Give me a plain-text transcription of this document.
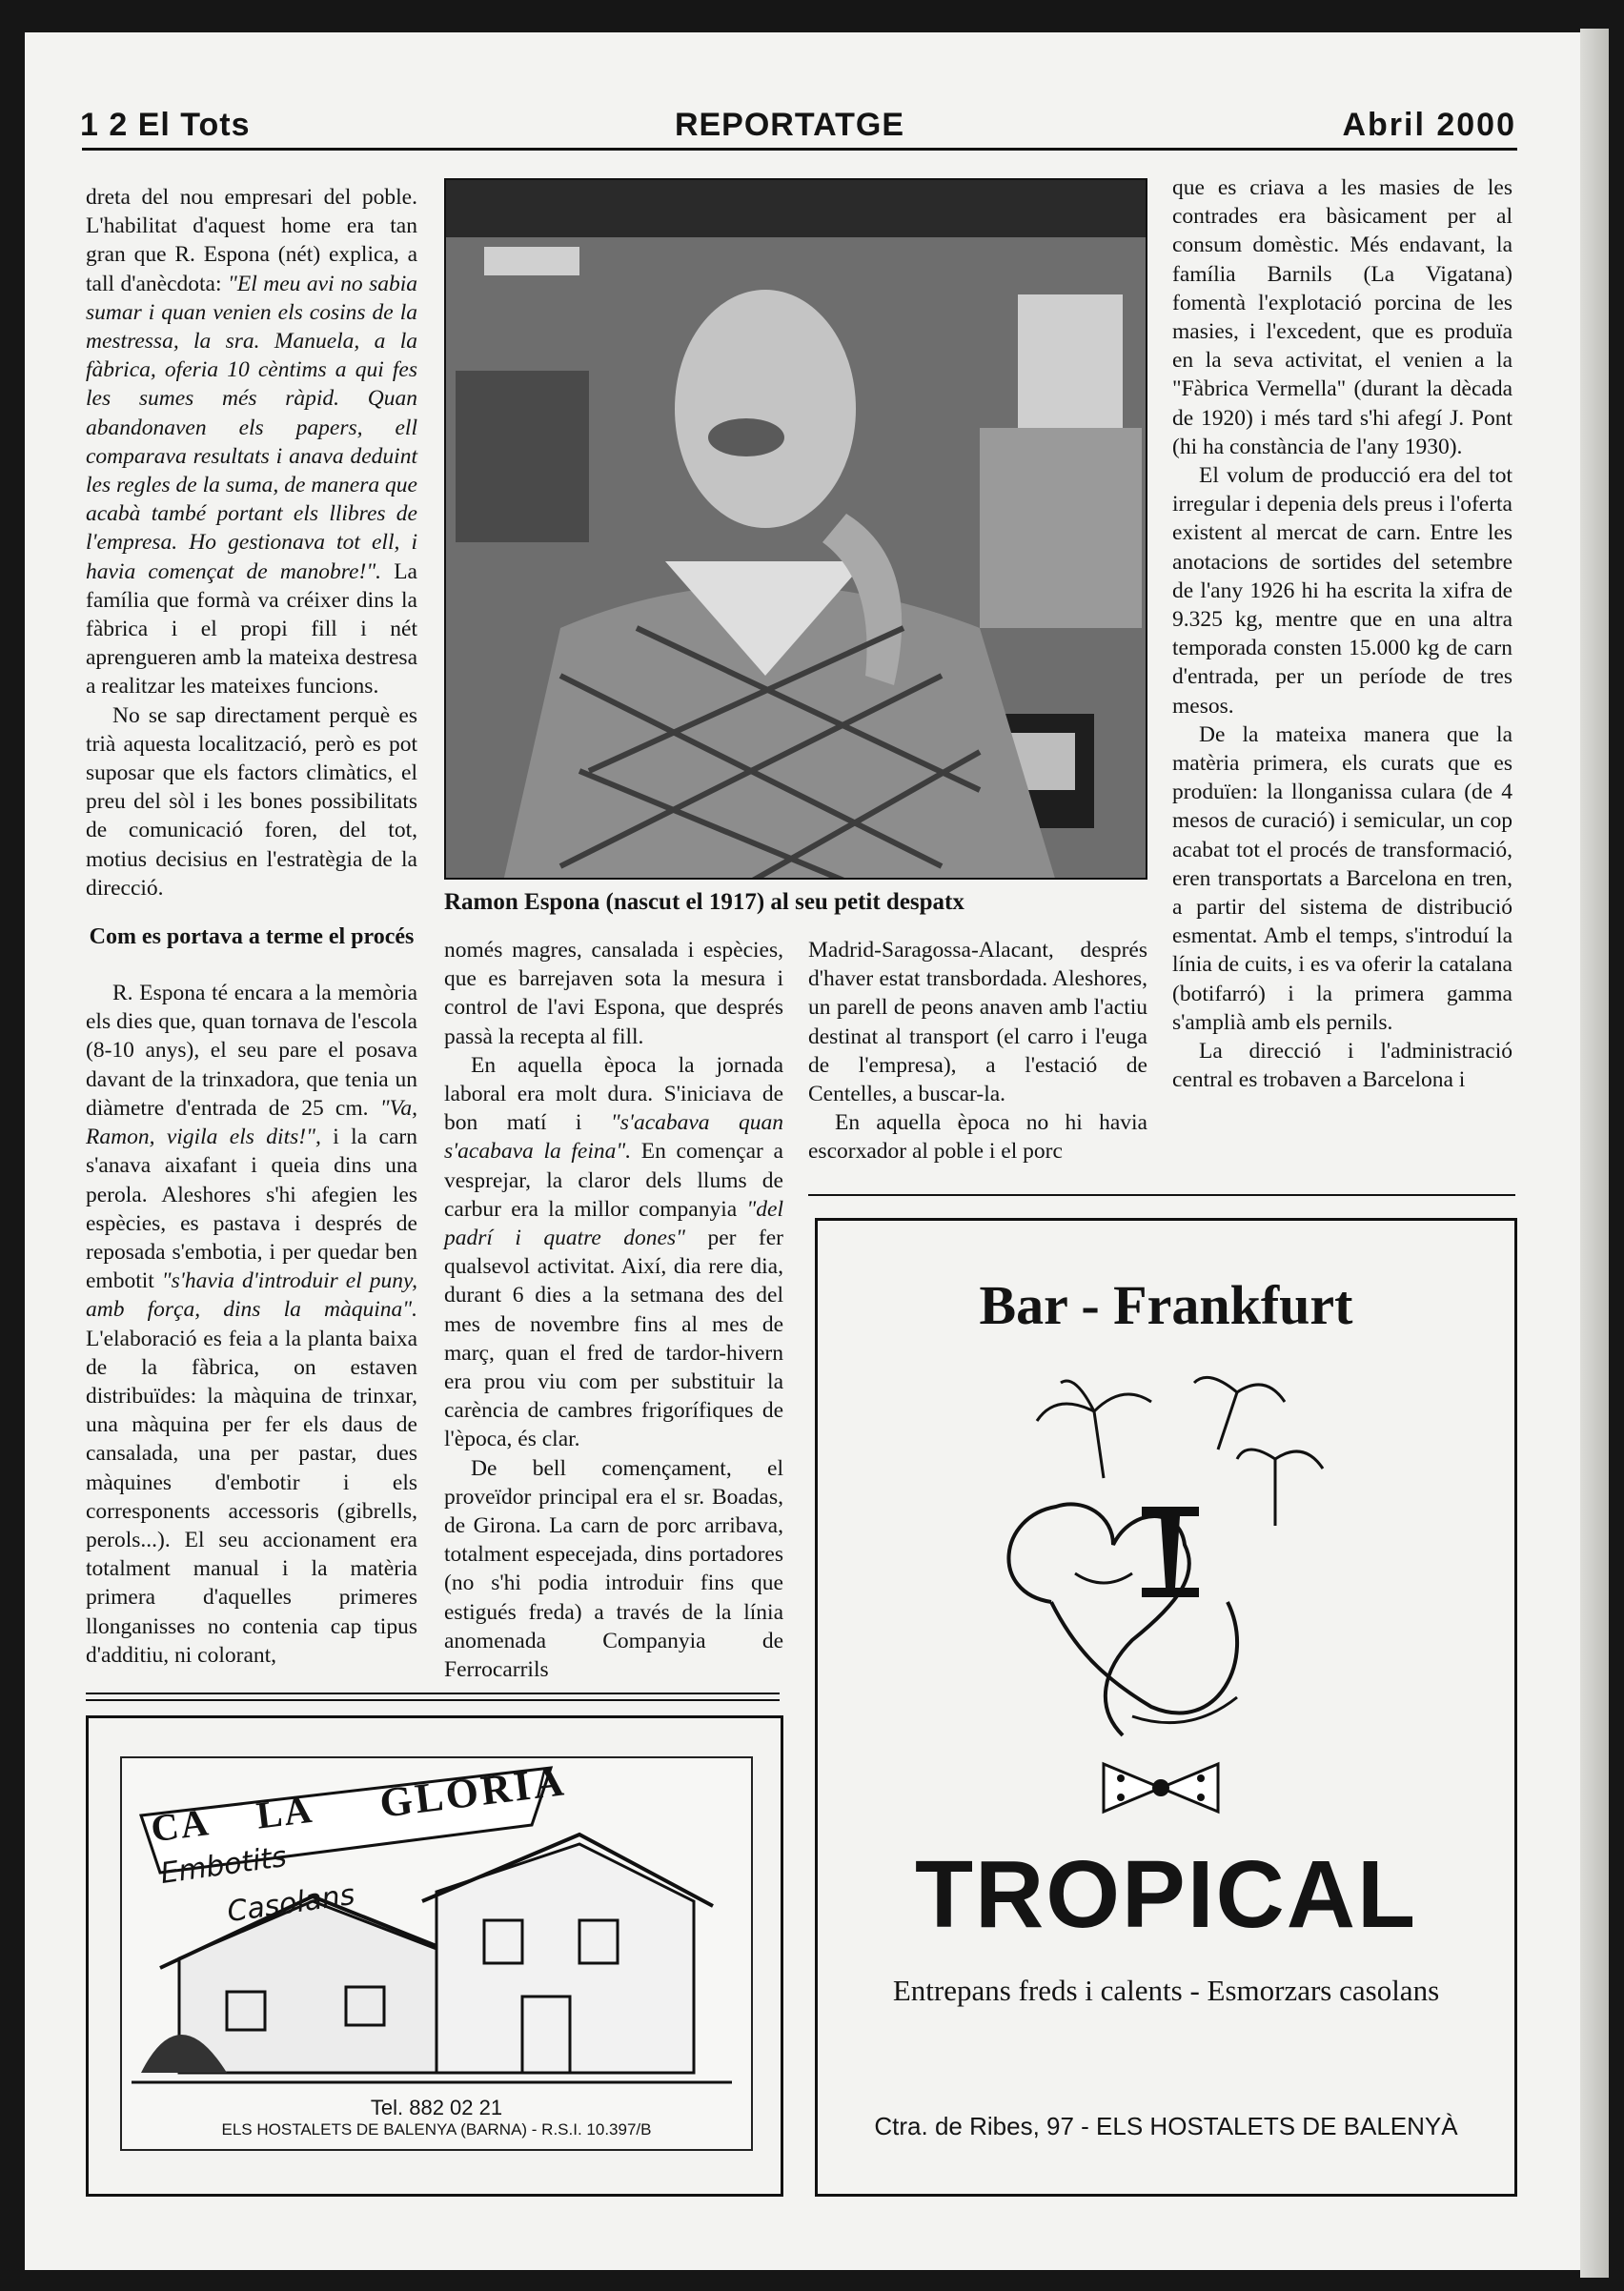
1 2 El Tots	REPORTATGE	Abril 2000

dreta del nou empresari del poble. L'habilitat d'aquest home era tan gran que R. Espona (nét) explica, a tall d'anècdota: "El meu avi no sabia sumar i quan venien els cosins de la mestressa, la sra. Manuela, a la fàbrica, oferia 10 cèntims a qui fes les sumes més ràpid. Quan abandonaven els papers, ell comparava resultats i anava deduint les regles de la suma, de manera que acabà també portant els llibres de l'empresa. Ho gestionava tot ell, i havia començat de manobre!". La família que formà va créixer dins la fàbrica i el propi fill i nét aprengueren amb la mateixa destresa a realitzar les mateixes funcions.

No se sap directament perquè es trià aquesta localització, però es pot suposar que els factors climàtics, el preu del sòl i les bones possibilitats de comunicació foren, del tot, motius decisius en l'estratègia de la direcció.

Com es portava a terme el procés

R. Espona té encara a la memòria els dies que, quan tornava de l'escola (8-10 anys), el seu pare el posava davant de la trinxadora, que tenia un diàmetre d'entrada de 25 cm. "Va, Ramon, vigila els dits!", i la carn s'anava aixafant i queia dins una perola. Aleshores s'hi afegien les espècies, es pastava i després de reposada s'embotia, i per quedar ben embotit "s'havia d'introduir el puny, amb força, dins la màquina". L'elaboració es feia a la planta baixa de la fàbrica, on estaven distribuïdes: la màquina de trinxar, una màquina per fer els daus de cansalada, una per pastar, dues màquines d'embotir i els corresponents accessoris (gibrells, perols...). El seu accionament era totalment manual i la matèria primera d'aquelles primeres llonganisses no contenia cap tipus d'additiu, ni colorant,

Ramon Espona (nascut el 1917) al seu petit despatx

només magres, cansalada i espècies, que es barrejaven sota la mesura i control de l'avi Espona, que després passà la recepta al fill.

En aquella època la jornada laboral era molt dura. S'iniciava de bon matí i "s'acabava quan s'acabava la feina". En començar a vesprejar, la claror dels llums de carbur era la millor companyia "del padrí i quatre dones" per fer qualsevol activitat. Així, dia rere dia, durant 6 dies a la setmana des del mes de novembre fins al mes de març, quan el fred de tardor-hivern era prou viu com per substituir la carència de cambres frigorífiques de l'època, és clar.

De bell començament, el proveïdor principal era el sr. Boadas, de Girona. La carn de porc arribava, totalment especejada, dins portadores (no s'hi podia introduir fins que estigués freda) a través de la línia anomenada Companyia de Ferrocarrils

Madrid-Saragossa-Alacant, després d'haver estat transbordada. Aleshores, un parell de peons anaven amb l'actiu destinat al transport (el carro i l'euga de l'empresa), a l'estació de Centelles, a buscar-la.

En aquella època no hi havia escorxador al poble i el porc

que es criava a les masies de les contrades era bàsicament per al consum domèstic. Més endavant, la família Barnils (La Vigatana) fomentà l'explotació porcina de les masies, i l'excedent, que es produïa en la seva activitat, el venien a la "Fàbrica Vermella" (durant la dècada de 1920) i més tard s'hi afegí J. Pont (hi ha constància de l'any 1930).

El volum de producció era del tot irregular i depenia dels preus i l'oferta existent al mercat de carn. Entre les anotacions de sortides del setembre de l'any 1926 hi ha escrita la xifra de 9.325 kg, mentre que en una altra temporada consten 15.000 kg de carn d'entrada, per un període de tres mesos.

De la mateixa manera que la matèria primera, els curats que es produïen: la llonganissa culara (de 4 mesos de curació) i semicular, un cop acabat tot el procés de transformació, eren transportats a Barcelona en tren, a partir del sistema de distribució esmentat. Amb el temps, s'introduí la línia de cuits, i es va oferir la catalana (botifarró) i la primera gamma s'amplià amb els pernils.

La direcció i l'administració central es trobaven a Barcelona i

CA LA GLORIA
Embotits
Casolans
Tel. 882 02 21
ELS HOSTALETS DE BALENYA (BARNA) - R.S.I. 10.397/B
Bar - Frankfurt
TROPICAL
Entrepans freds i calents - Esmorzars casolans
Ctra. de Ribes, 97 - ELS HOSTALETS DE BALENYÀ
